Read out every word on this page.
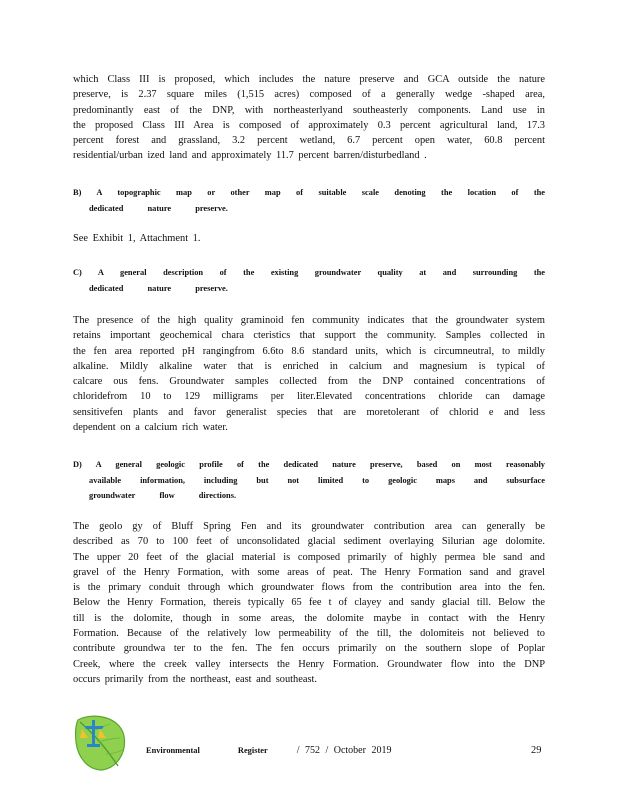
which Class III is proposed, which includes the nature preserve and GCA outside the nature
preserve, is 2.37 square miles (1,515 acres) composed of a generally wedge -shaped area,
predominantly east of the DNP, with northeasterlyand southeasterly components. Land use in
the proposed Class III Area is composed of approximately 0.3 percent agricultural land, 17.3
percent forest and grassland, 3.2 percent wetland, 6.7 percent open water, 60.8 percent
residential/urban ized land and approximately 11.7 percent barren/disturbedland .
B) A topographic map or other map of suitable scale denoting the location of the
dedicated nature preserve.
See Exhibit 1, Attachment 1.
C) A general description of the existing groundwater quality at and surrounding the
dedicated nature preserve.
The presence of the high quality graminoid fen community indicates that the groundwater system
retains important geochemical chara cteristics that support the community. Samples collected in
the fen area reported pH rangingfrom 6.6to 8.6 standard units, which is circumneutral, to mildly
alkaline. Mildly alkaline water that is enriched in calcium and magnesium is typical of
calcare ous fens. Groundwater samples collected from the DNP contained concentrations of
chloridefrom 10 to 129 milligrams per liter.Elevated concentrations chloride can damage
sensitivefen plants and favor generalist species that are moretolerant of chlorid e and less
dependent on a calcium rich water.
D) A general geologic profile of the dedicated nature preserve, based on most reasonably
available information, including but not limited to geologic maps and subsurface
groundwater flow directions.
The geolo gy of Bluff Spring Fen and its groundwater contribution area can generally be
described as 70 to 100 feet of unconsolidated glacial sediment overlaying Silurian age dolomite.
The upper 20 feet of the glacial material is composed primarily of highly permea ble sand and
gravel of the Henry Formation, with some areas of peat. The Henry Formation sand and gravel
is the primary conduit through which groundwater flows from the contribution area into the fen.
Below the Henry Formation, thereis typically 65 fee t of clayey and sandy glacial till. Below the
till is the dolomite, though in some areas, the dolomite maybe in contact with the Henry
Formation. Because of the relatively low permeability of the till, the dolomiteis not believed to
contribute groundwa ter to the fen. The fen occurs primarily on the southern slope of Poplar
Creek, where the creek valley intersects the Henry Formation. Groundwater flow into the DNP
occurs primarily from the northeast, east and southeast.
Environmental Register	/ 752 / October 2019	29
